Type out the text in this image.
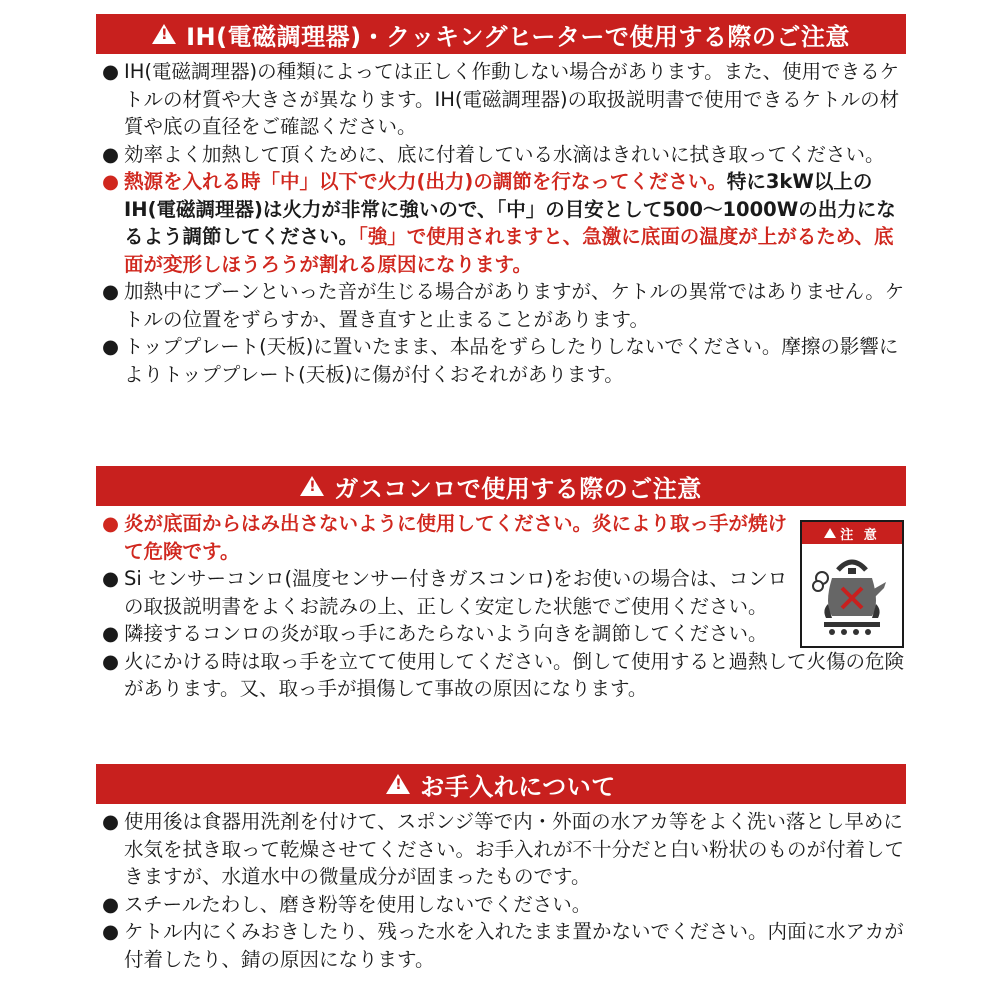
!
IH(電磁調理器)・クッキングヒーターで使用する際のご注意

● IH(電磁調理器)の種類によっては正しく作動しない場合があります。また、使用できるケトルの材質や大きさが異なります。IH(電磁調理器)の取扱説明書で使用できるケトルの材質や底の直径をご確認ください。

● 効率よく加熱して頂くために、底に付着している水滴はきれいに拭き取ってください。

● 熱源を入れる時「中」以下で火力(出力)の調節を行なってください。特に3kW以上のIH(電磁調理器)は火力が非常に強いので、「中」の目安として500〜1000Wの出力になるよう調節してください。「強」で使用されますと、急激に底面の温度が上がるため、底面が変形しほうろうが割れる原因になります。

● 加熱中にブーンといった音が生じる場合がありますが、ケトルの異常ではありません。ケトルの位置をずらすか、置き直すと止まることがあります。

● トッププレート(天板)に置いたまま、本品をずらしたりしないでください。摩擦の影響によりトッププレート(天板)に傷が付くおそれがあります。

!
ガスコンロで使用する際のご注意

● 炎が底面からはみ出さないように使用してください。炎により取っ手が焼けて危険です。

● Si センサーコンロ(温度センサー付きガスコンロ)をお使いの場合は、コンロの取扱説明書をよくお読みの上、正しく安定した状態でご使用ください。

● 隣接するコンロの炎が取っ手にあたらないよう向きを調節してください。

● 火にかける時は取っ手を立てて使用してください。倒して使用すると過熱して火傷の危険があります。又、取っ手が損傷して事故の原因になります。

注 意
!
お手入れについて

● 使用後は食器用洗剤を付けて、スポンジ等で内・外面の水アカ等をよく洗い落とし早めに水気を拭き取って乾燥させてください。お手入れが不十分だと白い粉状のものが付着してきますが、水道水中の微量成分が固まったものです。

● スチールたわし、磨き粉等を使用しないでください。

● ケトル内にくみおきしたり、残った水を入れたまま置かないでください。内面に水アカが付着したり、錆の原因になります。
